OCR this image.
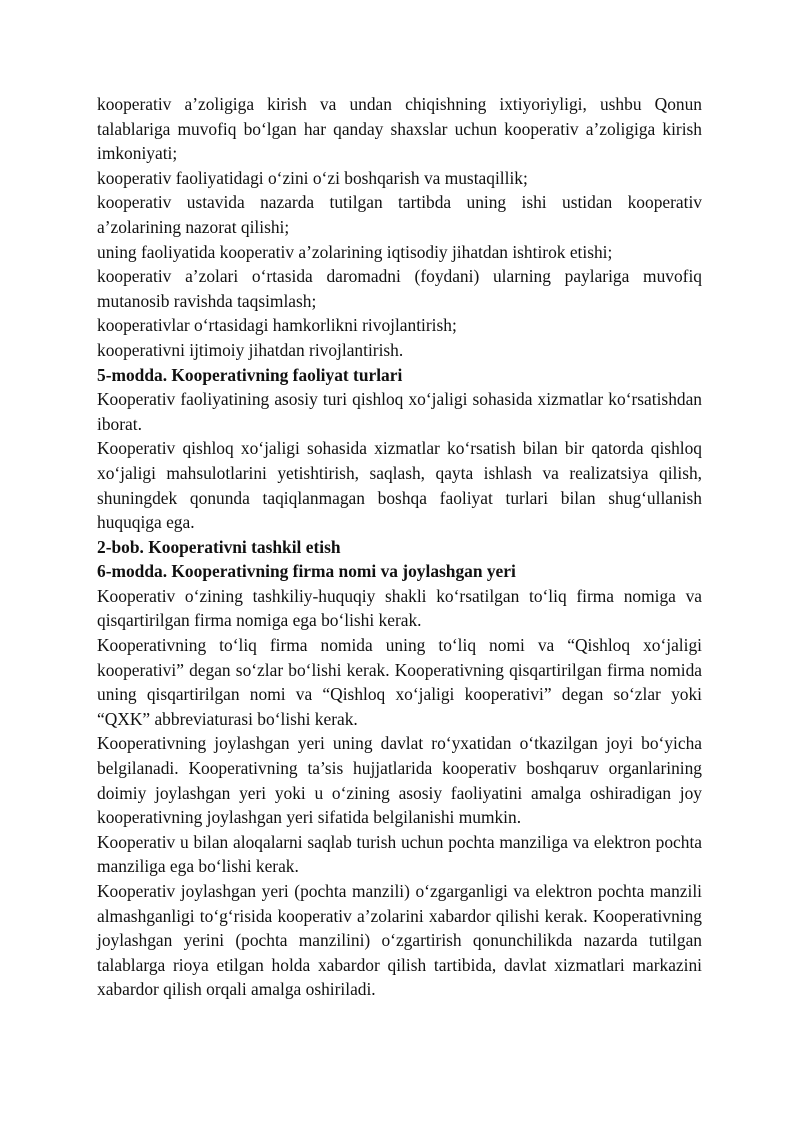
kooperativ a’zoligiga kirish va undan chiqishning ixtiyoriyligi, ushbu Qonun talablariga muvofiq bo‘lgan har qanday shaxslar uchun kooperativ a’zoligiga kirish imkoniyati;

kooperativ faoliyatidagi o‘zini o‘zi boshqarish va mustaqillik;

kooperativ ustavida nazarda tutilgan tartibda uning ishi ustidan kooperativ a’zolarining nazorat qilishi;

uning faoliyatida kooperativ a’zolarining iqtisodiy jihatdan ishtirok etishi;

kooperativ a’zolari o‘rtasida daromadni (foydani) ularning paylariga muvofiq mutanosib ravishda taqsimlash;

kooperativlar o‘rtasidagi hamkorlikni rivojlantirish;

kooperativni ijtimoiy jihatdan rivojlantirish.

5-modda. Kooperativning faoliyat turlari

Kooperativ faoliyatining asosiy turi qishloq xo‘jaligi sohasida xizmatlar ko‘rsatishdan iborat.

Kooperativ qishloq xo‘jaligi sohasida xizmatlar ko‘rsatish bilan bir qatorda qishloq xo‘jaligi mahsulotlarini yetishtirish, saqlash, qayta ishlash va realizatsiya qilish, shuningdek qonunda taqiqlanmagan boshqa faoliyat turlari bilan shug‘ullanish huquqiga ega.

2-bob. Kooperativni tashkil etish
6-modda. Kooperativning firma nomi va joylashgan yeri

Kooperativ o‘zining tashkiliy-huquqiy shakli ko‘rsatilgan to‘liq firma nomiga va qisqartirilgan firma nomiga ega bo‘lishi kerak.

Kooperativning to‘liq firma nomida uning to‘liq nomi va “Qishloq xo‘jaligi kooperativi” degan so‘zlar bo‘lishi kerak. Kooperativning qisqartirilgan firma nomida uning qisqartirilgan nomi va “Qishloq xo‘jaligi kooperativi” degan so‘zlar yoki “QXK” abbreviaturasi bo‘lishi kerak.

Kooperativning joylashgan yeri uning davlat ro‘yxatidan o‘tkazilgan joyi bo‘yicha belgilanadi. Kooperativning ta’sis hujjatlarida kooperativ boshqaruv organlarining doimiy joylashgan yeri yoki u o‘zining asosiy faoliyatini amalga oshiradigan joy kooperativning joylashgan yeri sifatida belgilanishi mumkin.

Kooperativ u bilan aloqalarni saqlab turish uchun pochta manziliga va elektron pochta manziliga ega bo‘lishi kerak.

Kooperativ joylashgan yeri (pochta manzili) o‘zgarganligi va elektron pochta manzili almashganligi to‘g‘risida kooperativ a’zolarini xabardor qilishi kerak. Kooperativning joylashgan yerini (pochta manzilini) o‘zgartirish qonunchilikda nazarda tutilgan talablarga rioya etilgan holda xabardor qilish tartibida, davlat xizmatlari markazini xabardor qilish orqali amalga oshiriladi.
